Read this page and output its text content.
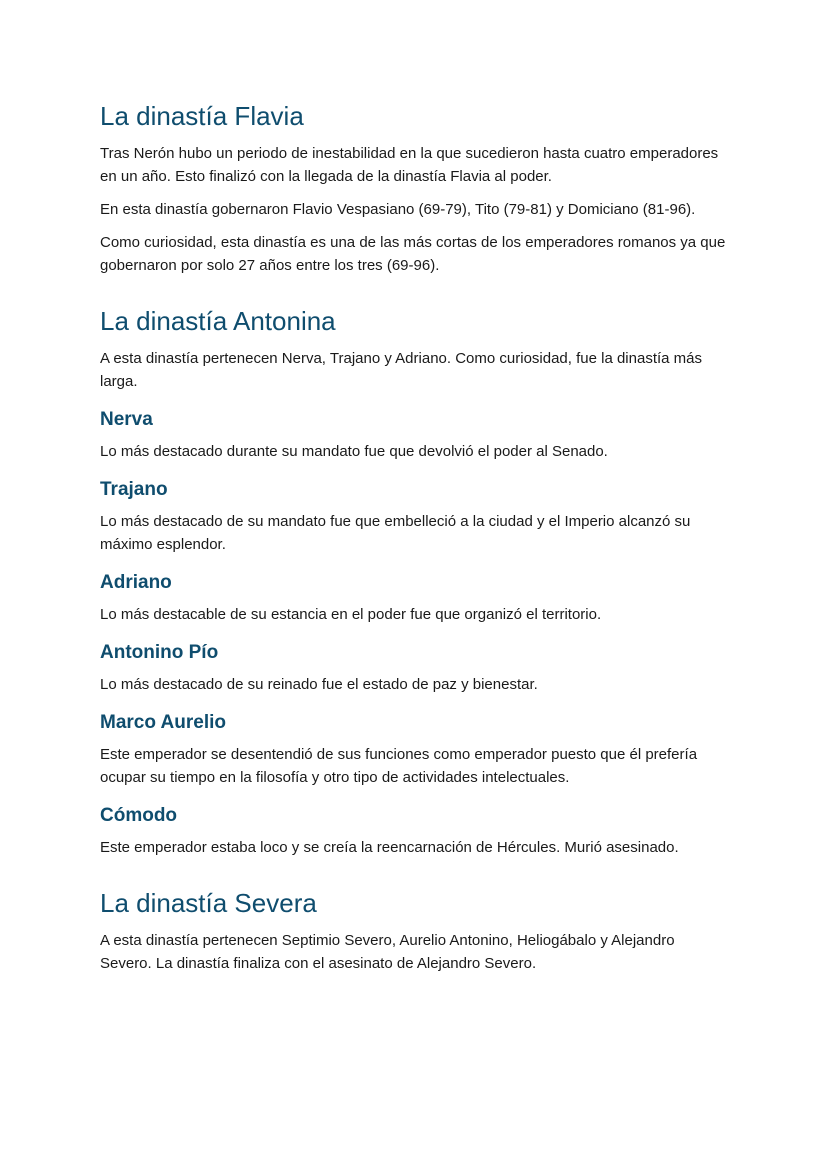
La dinastía Flavia

Tras Nerón hubo un periodo de inestabilidad en la que sucedieron hasta cuatro emperadores en un año. Esto finalizó con la llegada de la dinastía Flavia al poder.

En esta dinastía gobernaron Flavio Vespasiano (69-79), Tito (79-81) y Domiciano (81-96).

Como curiosidad, esta dinastía es una de las más cortas de los emperadores romanos ya que gobernaron por solo 27 años entre los tres (69-96).

La dinastía Antonina

A esta dinastía pertenecen Nerva, Trajano y Adriano. Como curiosidad, fue la dinastía más larga.

Nerva

Lo más destacado durante su mandato fue que devolvió el poder al Senado.

Trajano

Lo más destacado de su mandato fue que embelleció a la ciudad y el Imperio alcanzó su máximo esplendor.

Adriano

Lo más destacable de su estancia en el poder fue que organizó el territorio.

Antonino Pío

Lo más destacado de su reinado fue el estado de paz y bienestar.

Marco Aurelio

Este emperador se desentendió de sus funciones como emperador puesto que él prefería ocupar su tiempo en la filosofía y otro tipo de actividades intelectuales.

Cómodo

Este emperador estaba loco y se creía la reencarnación de Hércules. Murió asesinado.

La dinastía Severa

A esta dinastía pertenecen Septimio Severo, Aurelio Antonino, Heliogábalo y Alejandro Severo. La dinastía finaliza con el asesinato de Alejandro Severo.
